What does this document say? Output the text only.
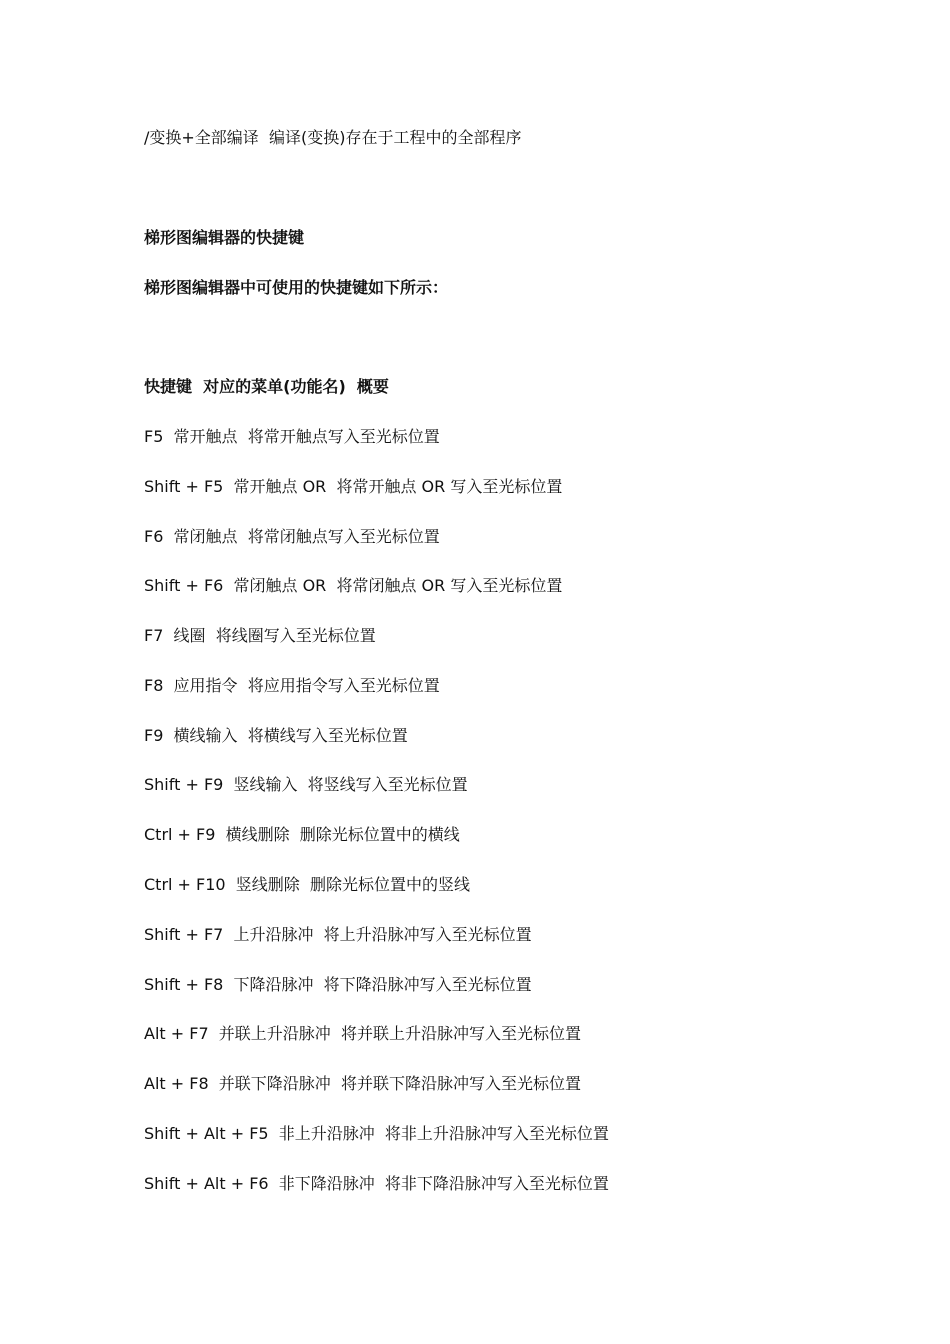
/变换+全部编译  编译(变换)存在于工程中的全部程序
梯形图编辑器的快捷键
梯形图编辑器中可使用的快捷键如下所示：
快捷键  对应的菜单(功能名)  概要
F5  常开触点  将常开触点写入至光标位置
Shift + F5  常开触点 OR  将常开触点 OR 写入至光标位置
F6  常闭触点  将常闭触点写入至光标位置
Shift + F6  常闭触点 OR  将常闭触点 OR 写入至光标位置
F7  线圈  将线圈写入至光标位置
F8  应用指令  将应用指令写入至光标位置
F9  横线输入  将横线写入至光标位置
Shift + F9  竖线输入  将竖线写入至光标位置
Ctrl + F9  横线删除  删除光标位置中的横线
Ctrl + F10  竖线删除  删除光标位置中的竖线
Shift + F7  上升沿脉冲  将上升沿脉冲写入至光标位置
Shift + F8  下降沿脉冲  将下降沿脉冲写入至光标位置
Alt + F7  并联上升沿脉冲  将并联上升沿脉冲写入至光标位置
Alt + F8  并联下降沿脉冲  将并联下降沿脉冲写入至光标位置
Shift + Alt + F5  非上升沿脉冲  将非上升沿脉冲写入至光标位置
Shift + Alt + F6  非下降沿脉冲  将非下降沿脉冲写入至光标位置
